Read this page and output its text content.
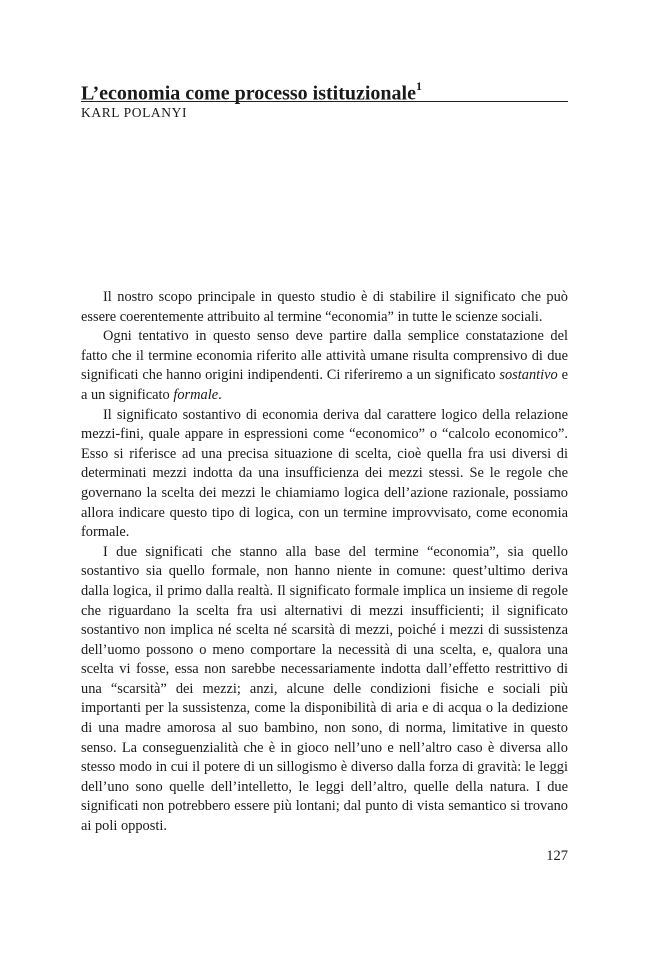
L’economia come processo istituzionale$^1$
KARL POLANYI

Il nostro scopo principale in questo studio è di stabilire il significato che può essere coerentemente attribuito al termine “economia” in tutte le scienze sociali.

Ogni tentativo in questo senso deve partire dalla semplice constatazione del fatto che il termine economia riferito alle attività umane risulta comprensivo di due significati che hanno origini indipendenti. Ci riferiremo a un significato sostantivo e a un significato formale.

Il significato sostantivo di economia deriva dal carattere logico della relazione mezzi-fini, quale appare in espressioni come “economico” o “calcolo economico”. Esso si riferisce ad una precisa situazione di scelta, cioè quella fra usi diversi di determinati mezzi indotta da una insufficienza dei mezzi stessi. Se le regole che governano la scelta dei mezzi le chiamiamo logica dell’azione razionale, possiamo allora indicare questo tipo di logica, con un termine improvvisato, come economia formale.

I due significati che stanno alla base del termine “economia”, sia quello sostantivo sia quello formale, non hanno niente in comune: quest’ultimo deriva dalla logica, il primo dalla realtà. Il significato formale implica un insieme di regole che riguardano la scelta fra usi alternativi di mezzi insufficienti; il significato sostantivo non implica né scelta né scarsità di mezzi, poiché i mezzi di sussistenza dell’uomo possono o meno comportare la necessità di una scelta, e, qualora una scelta vi fosse, essa non sarebbe necessariamente indotta dall’effetto restrittivo di una “scarsità” dei mezzi; anzi, alcune delle condizioni fisiche e sociali più importanti per la sussistenza, come la disponibilità di aria e di acqua o la dedizione di una madre amorosa al suo bambino, non sono, di norma, limitative in questo senso. La conseguenzialità che è in gioco nell’uno e nell’altro caso è diversa allo stesso modo in cui il potere di un sillogismo è diverso dalla forza di gravità: le leggi dell’uno sono quelle dell’intelletto, le leggi dell’altro, quelle della natura. I due significati non potrebbero essere più lontani; dal punto di vista semantico si trovano ai poli opposti.

127
